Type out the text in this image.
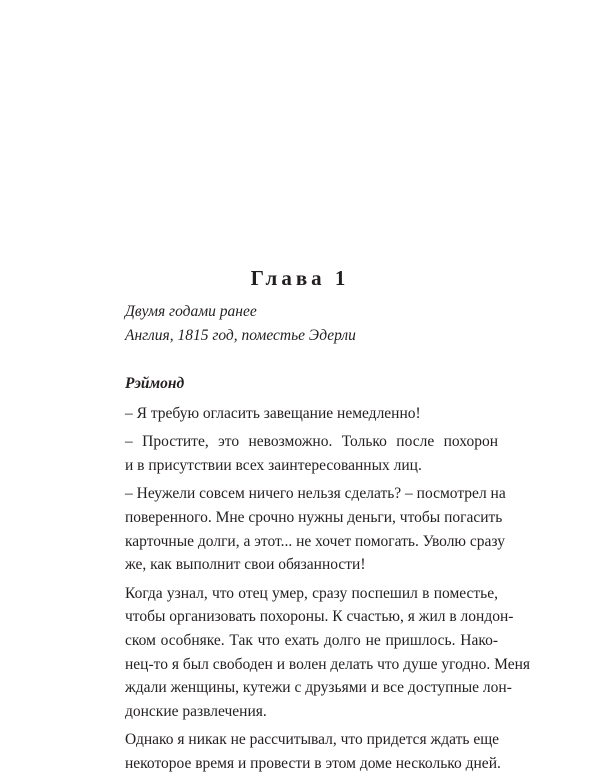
Глава 1
Двумя годами ранее
Англия, 1815 год, поместье Эдерли
Рэймонд
– Я требую огласить завещание немедленно!
– Простите, это невозможно. Только после похорон
и в присутствии всех заинтересованных лиц.
– Неужели совсем ничего нельзя сделать? – посмотрел на
поверенного. Мне срочно нужны деньги, чтобы погасить
карточные долги, а этот... не хочет помогать. Уволю сразу
же, как выполнит свои обязанности!
Когда узнал, что отец умер, сразу поспешил в поместье,
чтобы организовать похороны. К счастью, я жил в лондон-
ском особняке. Так что ехать долго не пришлось. Нако-
нец-то я был свободен и волен делать что душе угодно. Меня
ждали женщины, кутежи с друзьями и все доступные лон-
донские развлечения.
Однако я никак не рассчитывал, что придется ждать еще
некоторое время и провести в этом доме несколько дней.
